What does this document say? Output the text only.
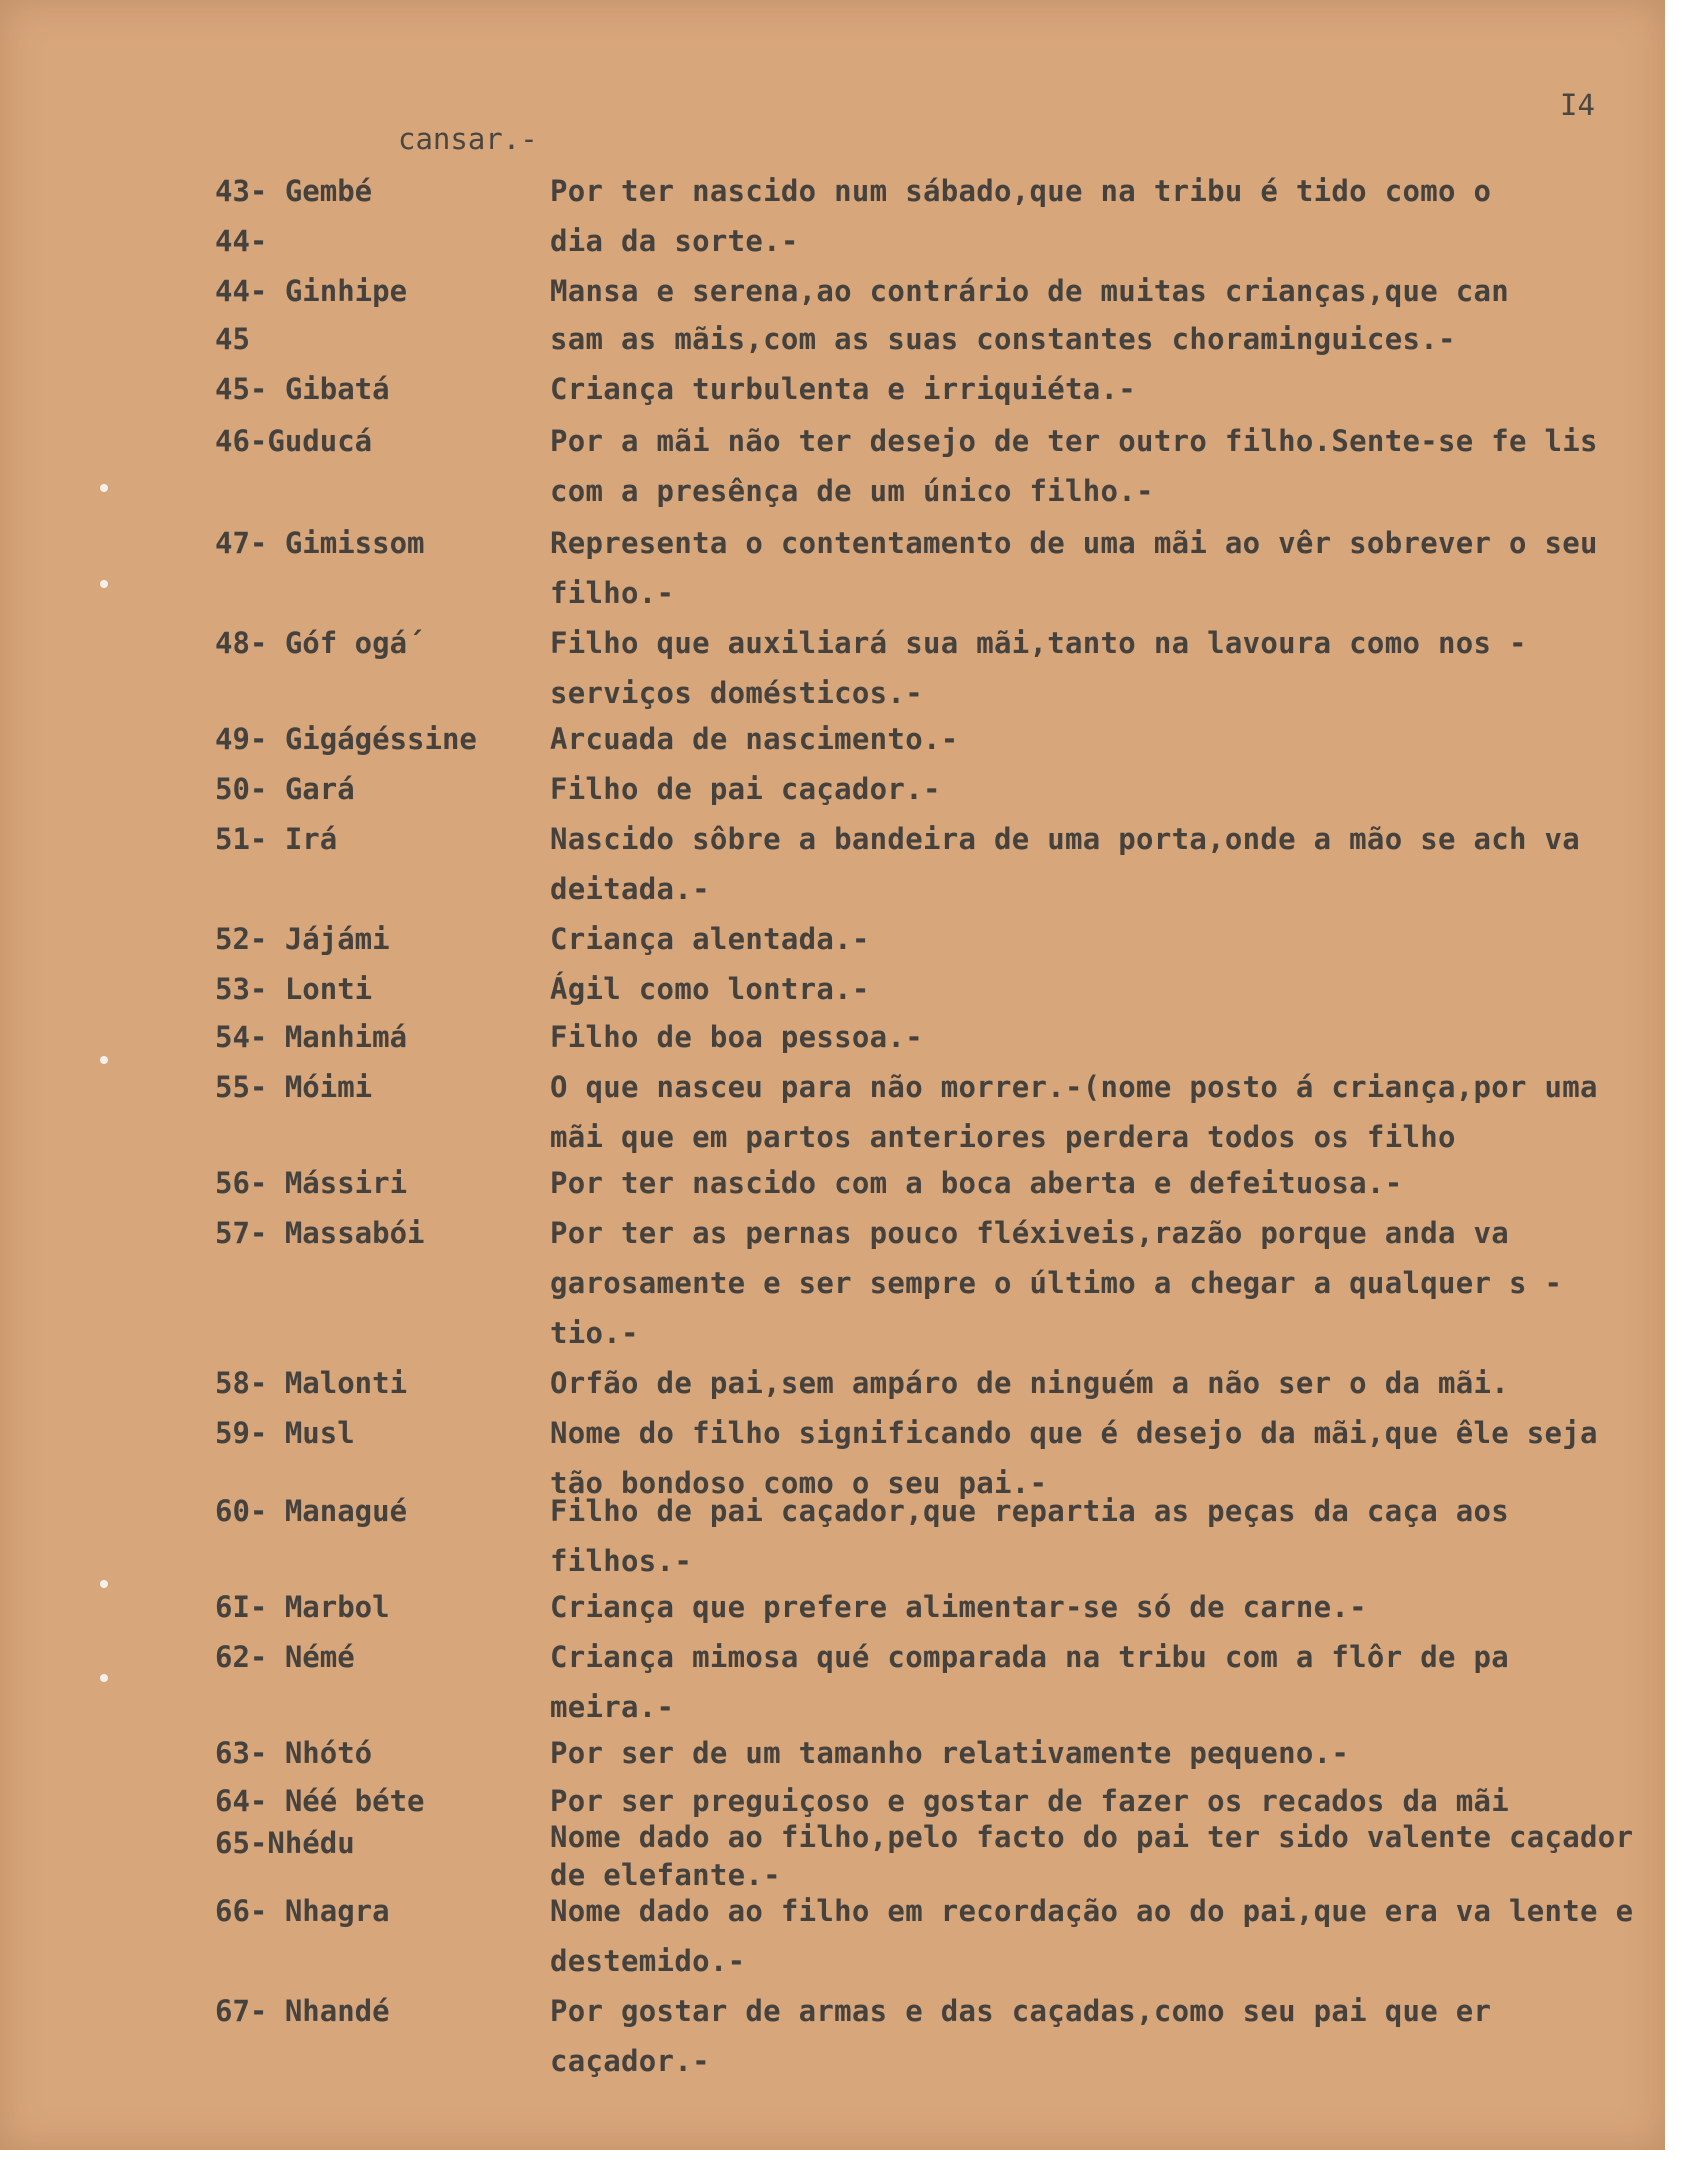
I4
cansar.-
43- Gembé	Por ter nascido num sábado,que na tribu é tido como o
44-	dia da sorte.-
44- Ginhipe	Mansa e serena,ao contrário de muitas crianças,que can
45	sam as mãis,com as suas constantes choraminguices.-
45- Gibatá	Criança turbulenta e irriquiéta.-
46-Guducá	Por a mãi não ter desejo de ter outro filho.Sente-se fe lis com a presênça de um único filho.-
47- Gimissom	Representa o contentamento de uma mãi ao vêr sobrever o seu filho.-
48- Góf ogá´	Filho que auxiliará sua mãi,tanto na lavoura como nos - serviços domésticos.-
49- Gigágéssine	Arcuada de nascimento.-
50- Gará	Filho de pai caçador.-
51- Irá	Nascido sôbre a bandeira de uma porta,onde a mão se ach va deitada.-
52- Jájámi	Criança alentada.-
53- Lonti	Ágil como lontra.-
54- Manhimá	Filho de boa pessoa.-
55- Móimi	O que nasceu para não morrer.-(nome posto á criança,por uma mãi que em partos anteriores perdera todos os filho
56- Mássiri	Por ter nascido com a boca aberta e defeituosa.-
57- Massabói	Por ter as pernas pouco fléxiveis,razão porque anda va garosamente e ser sempre o último a chegar a qualquer s -tio.-
58- Malonti	Orfão de pai,sem ampáro de ninguém a não ser o da mãi.
59- Musl	Nome do filho significando que é desejo da mãi,que êle seja tão bondoso como o seu pai.-
60- Managué	Filho de pai caçador,que repartia as peças da caça aos filhos.-
6I- Marbol	Criança que prefere alimentar-se só de carne.-
62- Némé	Criança mimosa qué comparada na tribu com a flôr de pa meira.-
63- Nhótó	Por ser de um tamanho relativamente pequeno.-
64- Néé béte	Por ser preguiçoso e gostar de fazer os recados da mãi
65-Nhédu	Nome dado ao filho,pelo facto do pai ter sido valente caçador de elefante.-
66- Nhagra	Nome dado ao filho em recordação ao do pai,que era va lente e destemido.-
67- Nhandé	Por gostar de armas e das caçadas,como seu pai que er caçador.-
